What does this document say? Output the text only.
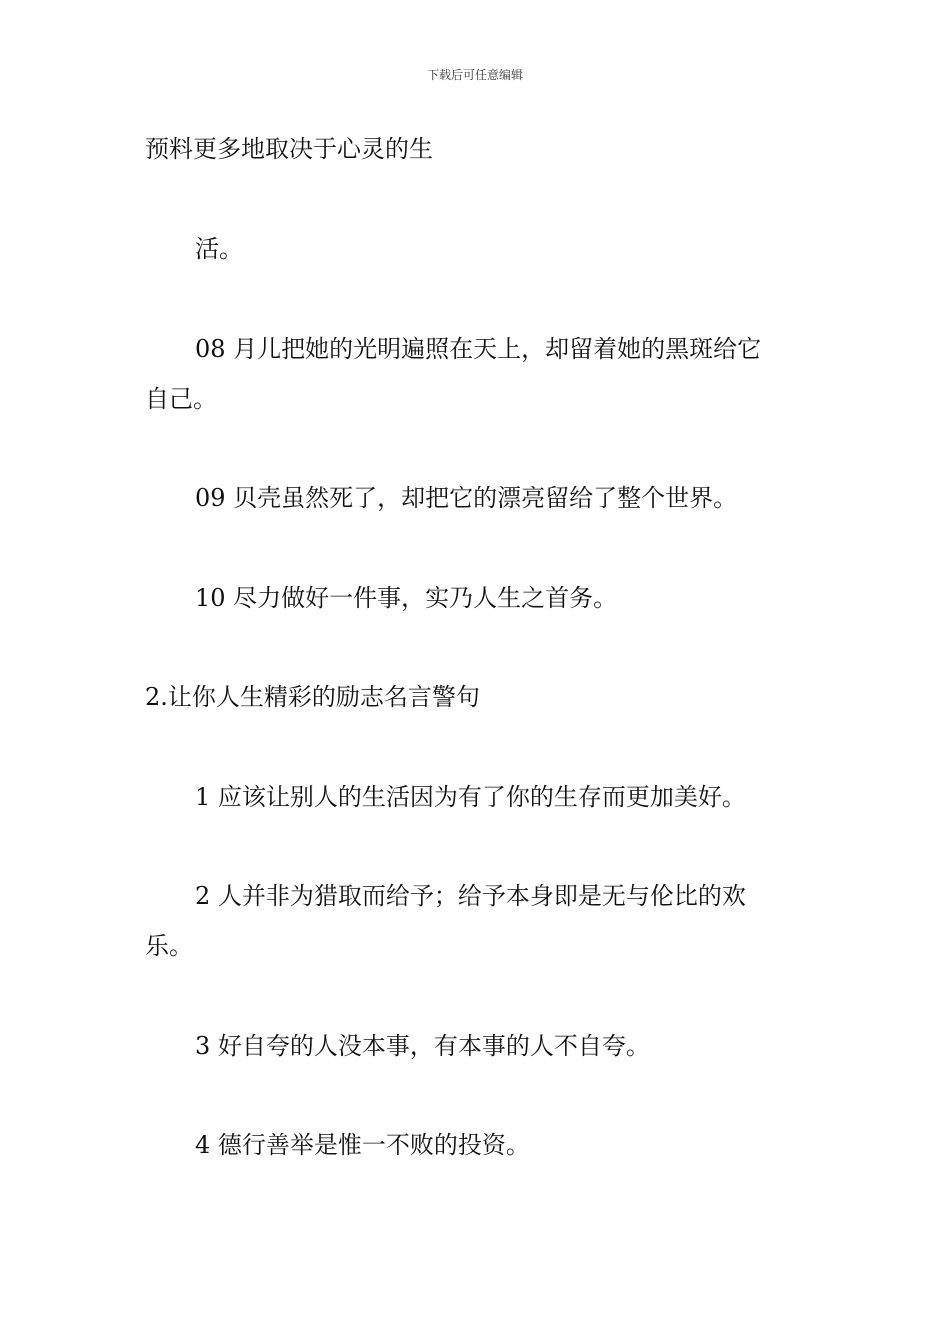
下载后可任意编辑
预料更多地取决于心灵的生
活。
08 月儿把她的光明遍照在天上，却留着她的黑斑给它
自己。
09 贝壳虽然死了，却把它的漂亮留给了整个世界。
10 尽力做好一件事，实乃人生之首务。
2.让你人生精彩的励志名言警句
1 应该让别人的生活因为有了你的生存而更加美好。
2 人并非为猎取而给予；给予本身即是无与伦比的欢
乐。
3 好自夸的人没本事，有本事的人不自夸。
4 德行善举是惟一不败的投资。
